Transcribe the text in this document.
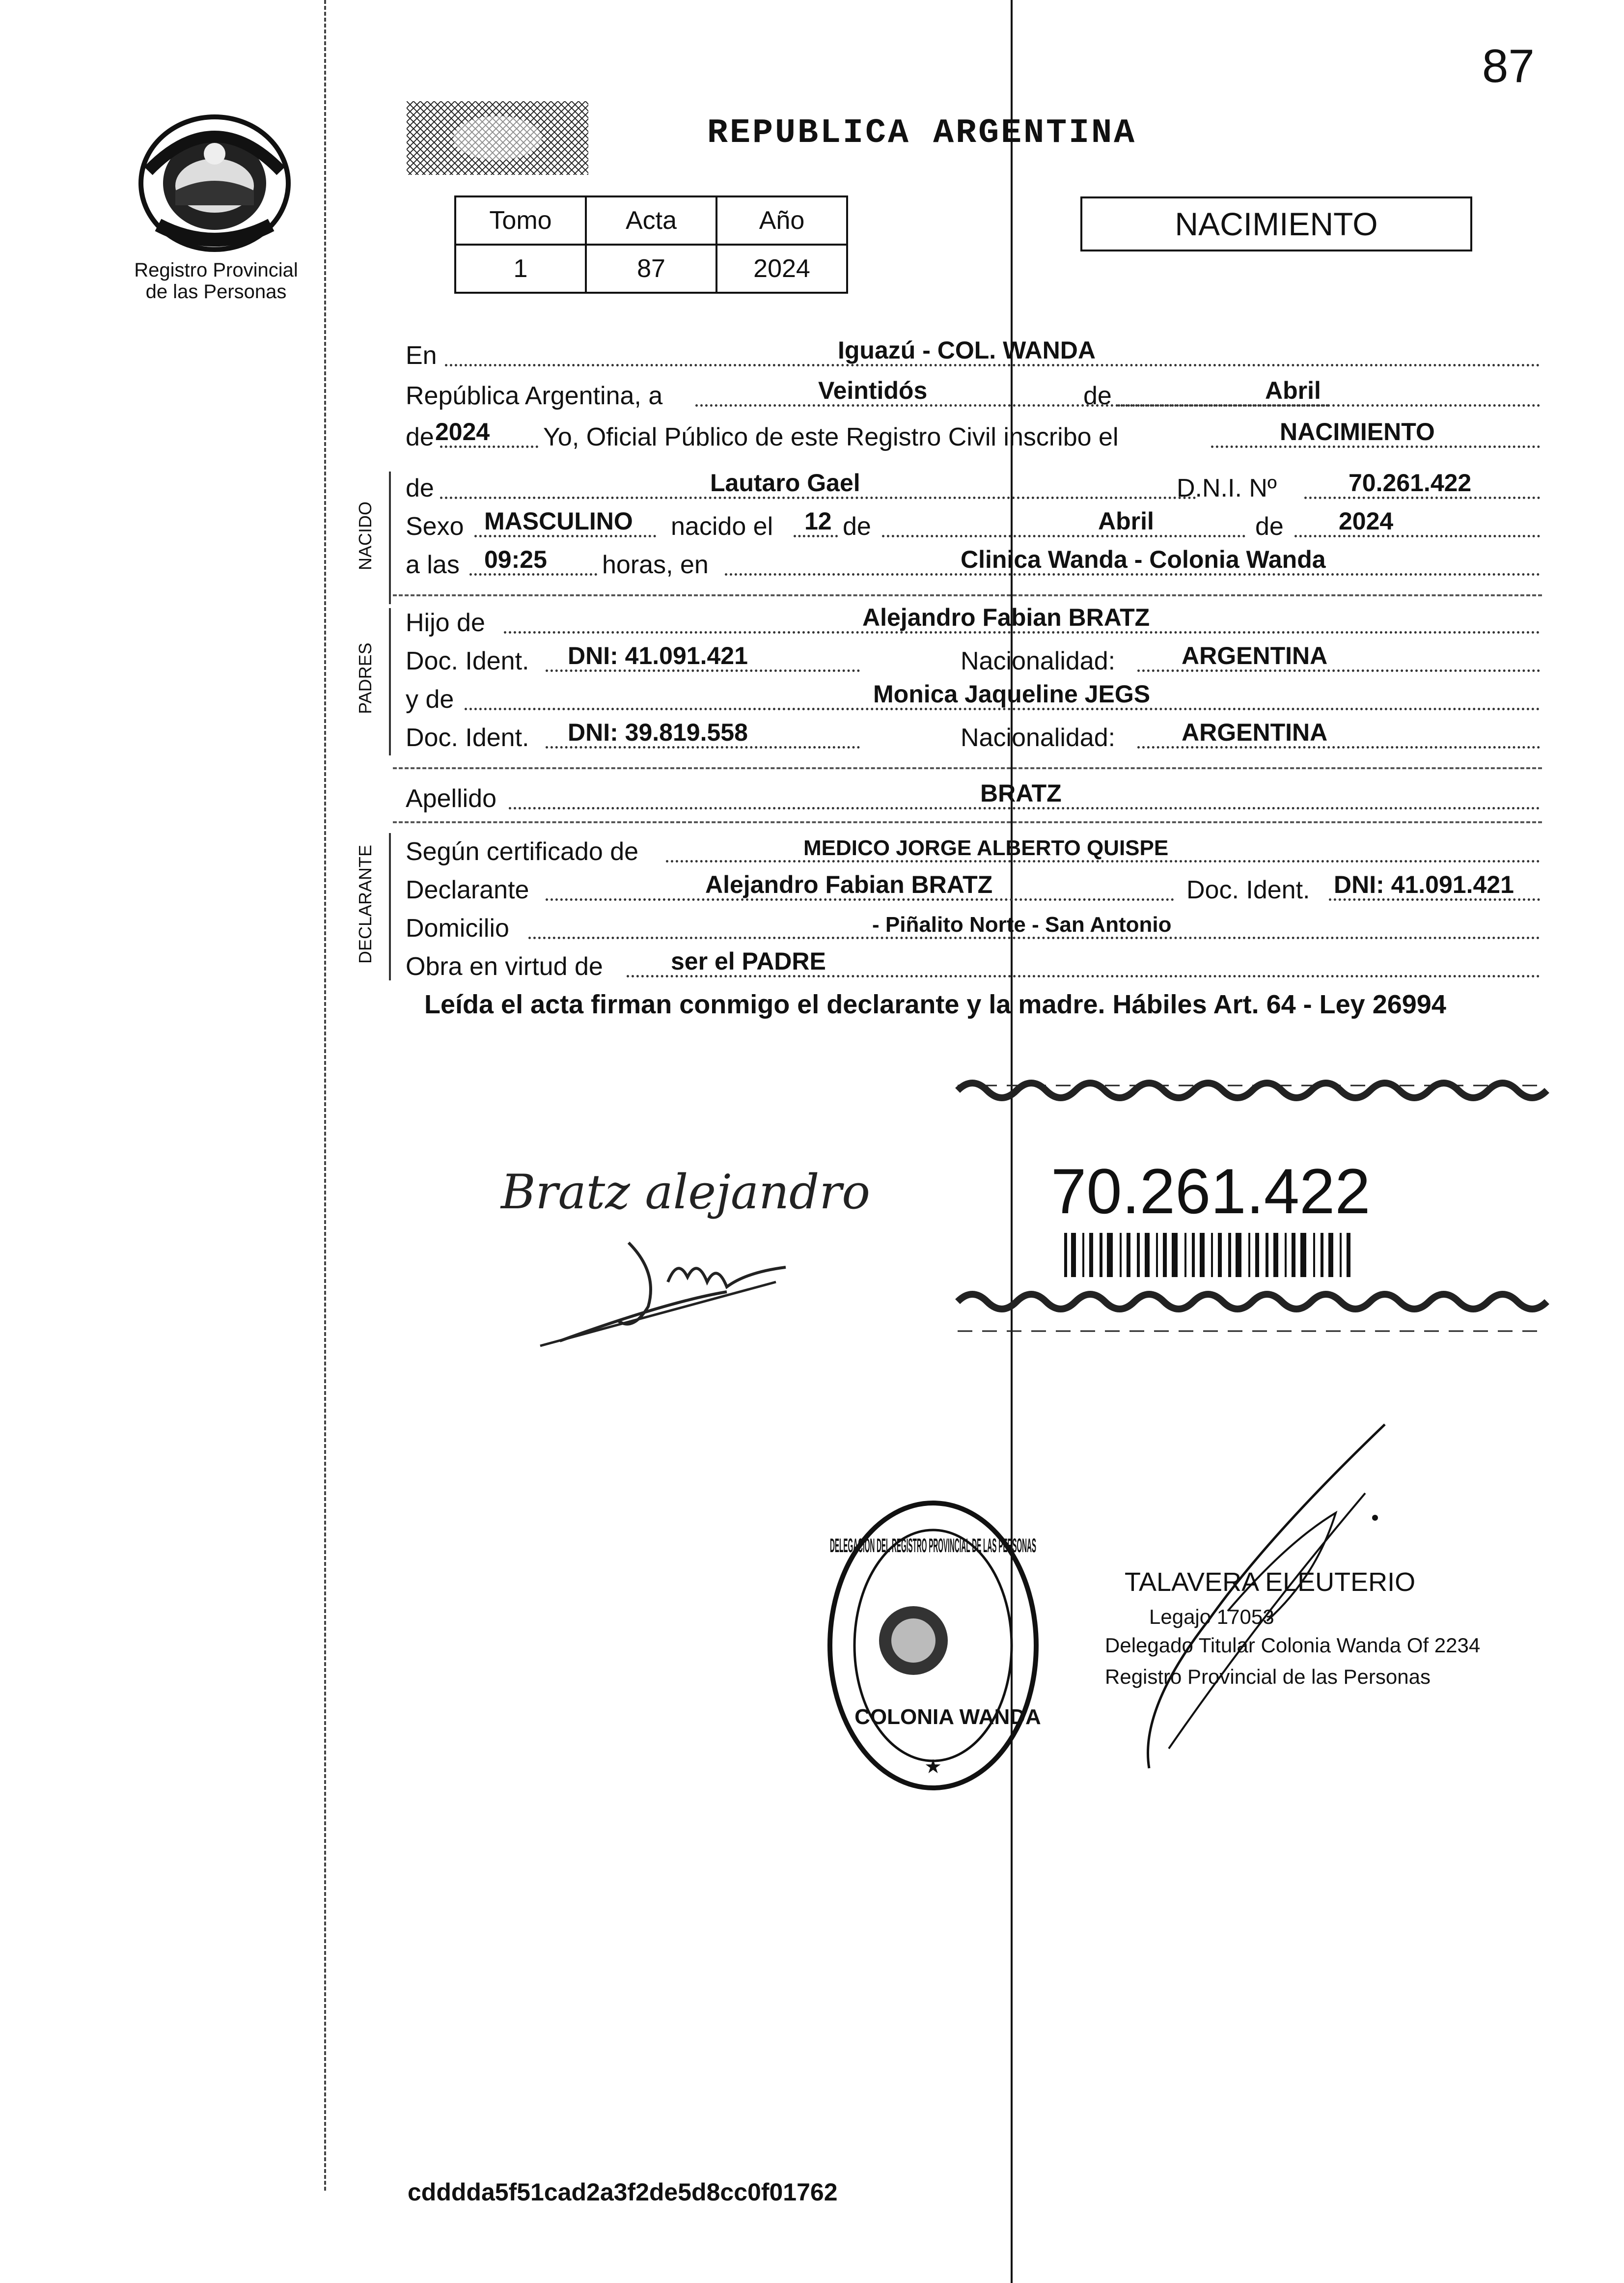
87
Registro Provincial
de las Personas
REPUBLICA ARGENTINA
Tomo	Acta	Año
1	87	2024
NACIMIENTO
En	Iguazú - COL. WANDA
República Argentina, a	Veintidós	de	Abril
de 2024 Yo, Oficial Público de este Registro Civil inscribo el	NACIMIENTO
NACIDO
de	Lautaro Gael	D.N.I. Nº	70.261.422
Sexo MASCULINO nacido el 12 de	Abril	de 2024
a las 09:25 horas, en	Clinica Wanda - Colonia Wanda
PADRES
Hijo de	Alejandro Fabian BRATZ
Doc. Ident. DNI: 41.091.421	Nacionalidad:	ARGENTINA
y de	Monica Jaqueline JEGS
Doc. Ident. DNI: 39.819.558	Nacionalidad:	ARGENTINA
Apellido	BRATZ
DECLARANTE Según certificado de	MEDICO JORGE ALBERTO QUISPE
Declarante	Alejandro Fabian BRATZ	Doc. Ident. DNI: 41.091.421
Domicilio	- Piñalito Norte - San Antonio
Obra en virtud de	ser el PADRE
Leída el acta firman conmigo el declarante y la madre. Hábiles Art. 64 - Ley 26994
Bratz alejandro	70.261.422
DELEGACION DEL REGISTRO PROVINCIAL DE LAS PERSONAS
COLONIA WANDA
★
TALAVERA ELEUTERIO
Legajo 17053
Delegado Titular Colonia Wanda Of 2234
Registro Provincial de las Personas
cddddа5f51cad2a3f2de5d8cc0f01762
